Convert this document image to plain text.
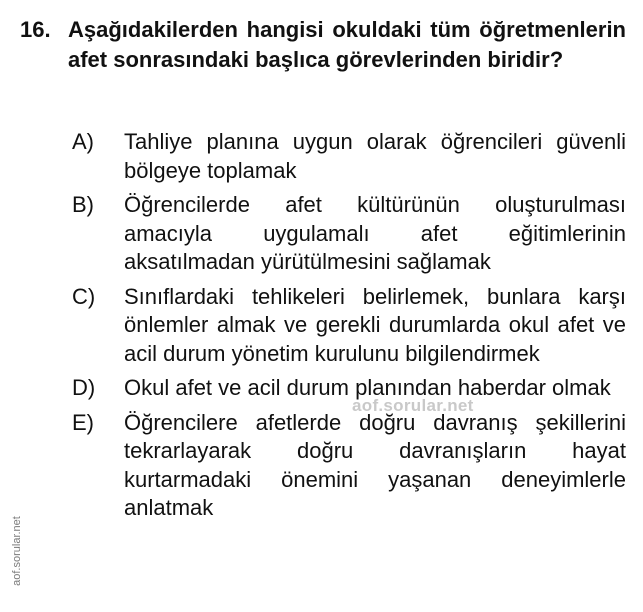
16. Aşağıdakilerden hangisi okuldaki tüm öğretmenlerin afet sonrasındaki başlıca görevlerinden biridir?
A)	Tahliye planına uygun olarak öğrencileri güvenli bölgeye toplamak
B)	Öğrencilerde afet kültürünün oluşturulması amacıyla uygulamalı afet eğitimlerinin aksatılmadan yürütülmesini sağlamak
C)	Sınıflardaki tehlikeleri belirlemek, bunlara karşı önlemler almak ve gerekli durumlarda okul afet ve acil durum yönetim kurulunu bilgilendirmek
D)	Okul afet ve acil durum planından haberdar olmak
E)	Öğrencilere afetlerde doğru davranış şekillerini tekrarlayarak doğru davranışların hayat kurtarmadaki önemini yaşanan deneyimlerle anlatmak
aof.sorular.net
aof.sorular.net
